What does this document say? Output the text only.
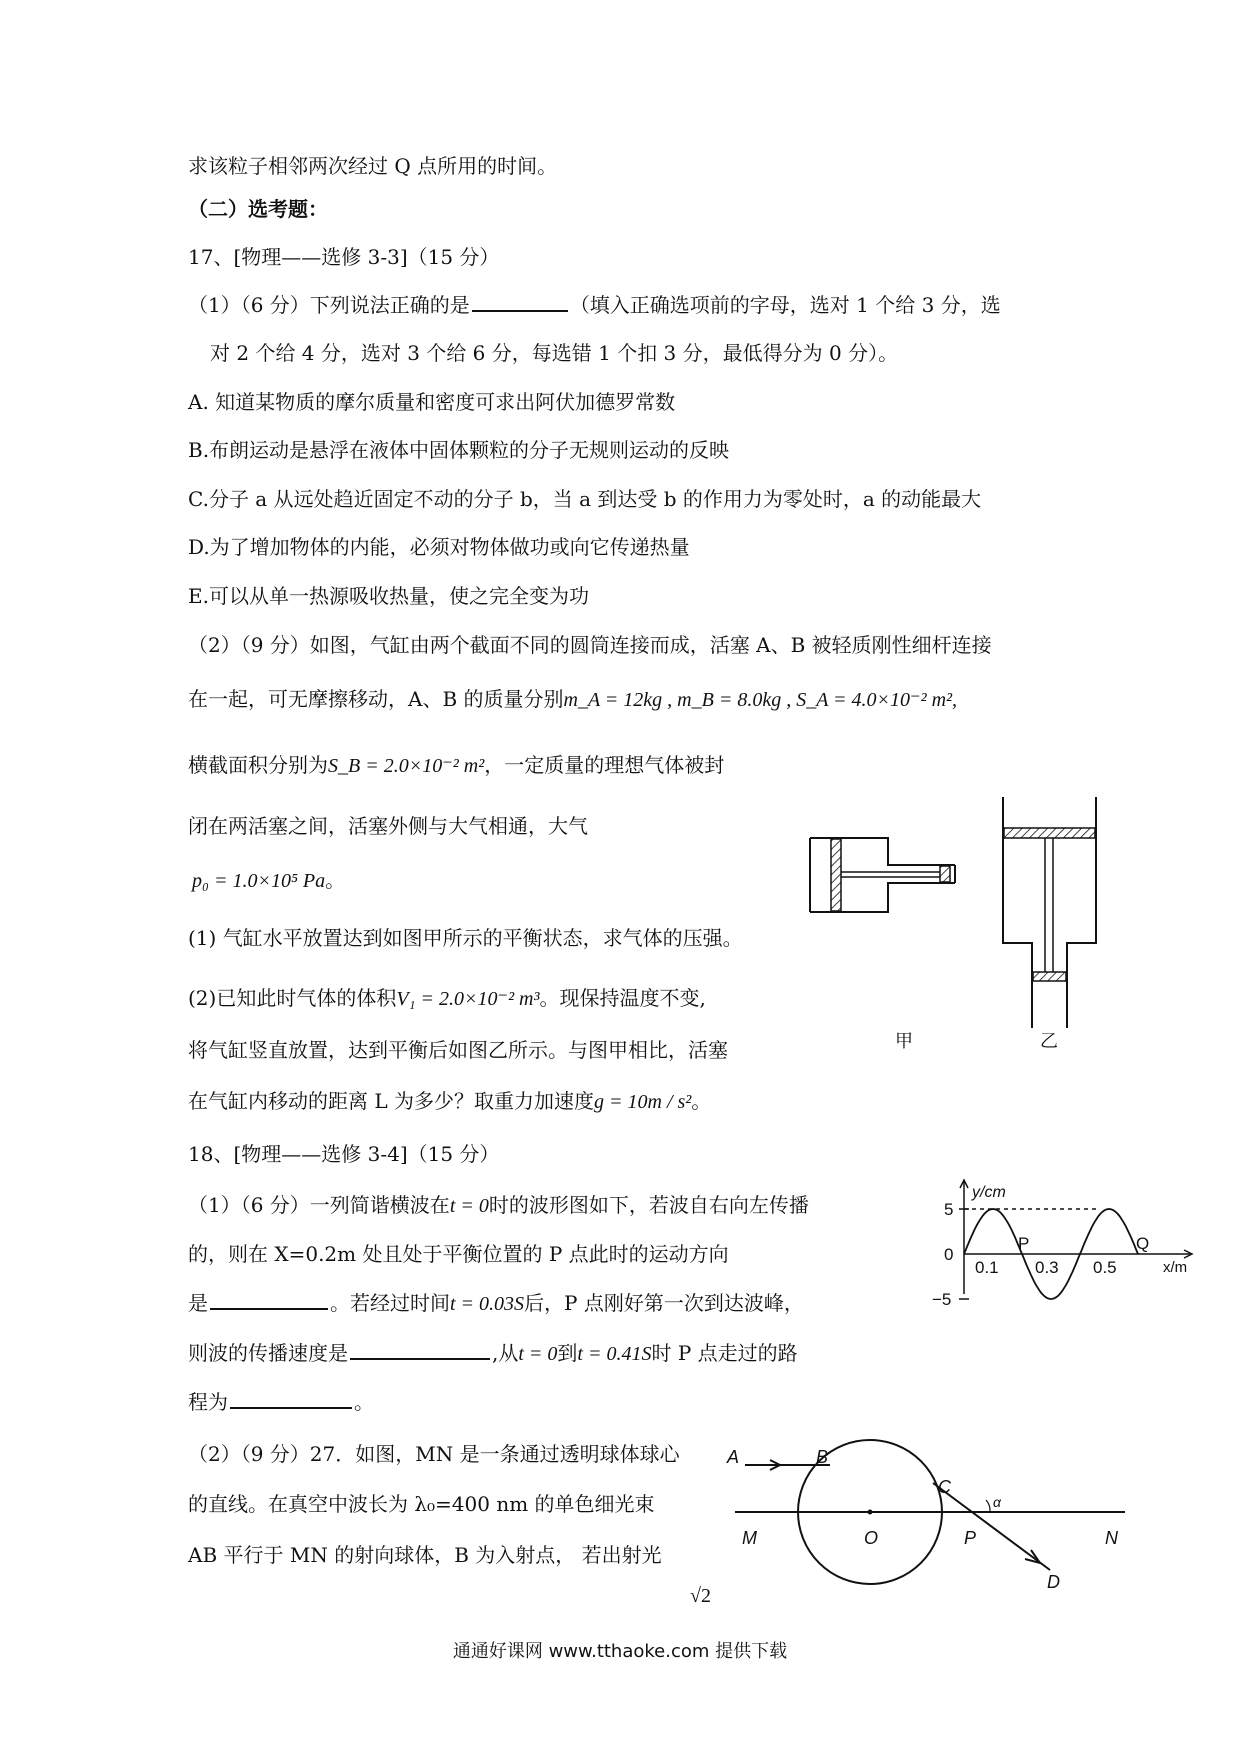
求该粒子相邻两次经过 Q 点所用的时间。
（二）选考题：
17、[物理——选修 3-3]（15 分）
（1）（6 分）下列说法正确的是	（填入正确选项前的字母，选对 1 个给 3 分，选
对 2 个给 4 分，选对 3 个给 6 分，每选错 1 个扣 3 分，最低得分为 0 分）。
A. 知道某物质的摩尔质量和密度可求出阿伏加德罗常数
B.布朗运动是悬浮在液体中固体颗粒的分子无规则运动的反映
C.分子 a 从远处趋近固定不动的分子 b，当 a 到达受 b 的作用力为零处时，a 的动能最大
D.为了增加物体的内能，必须对物体做功或向它传递热量
E.可以从单一热源吸收热量，使之完全变为功
（2）（9 分）如图，气缸由两个截面不同的圆筒连接而成，活塞 A、B 被轻质刚性细杆连接
在一起，可无摩擦移动，A、B 的质量分别m_A = 12kg , m_B = 8.0kg , S_A = 4.0×10⁻² m²,
横截面积分别为S_B = 2.0×10⁻² m²，一定质量的理想气体被封
闭在两活塞之间，活塞外侧与大气相通，大气
p₀ = 1.0×10⁵ Pa。
(1) 气缸水平放置达到如图甲所示的平衡状态，求气体的压强。
(2)已知此时气体的体积V₁ = 2.0×10⁻² m³。现保持温度不变,
将气缸竖直放置，达到平衡后如图乙所示。与图甲相比，活塞
在气缸内移动的距离 L 为多少？取重力加速度g = 10m / s²。
18、[物理——选修 3-4]（15 分）
（1）（6 分）一列简谐横波在t = 0时的波形图如下，若波自右向左传播
的，则在 X=0.2m 处且处于平衡位置的 P 点此时的运动方向
是	。若经过时间t = 0.03S后，P 点刚好第一次到达波峰，
则波的传播速度是	,从t = 0到t = 0.41S时 P 点走过的路
程为	。
（2）（9 分）27．如图，MN 是一条通过透明球体球心
的直线。在真空中波长为 λ₀=400 nm 的单色细光束
AB 平行于 MN 的射向球体，B 为入射点， 若出射光
√2
通通好课网 www.tthaoke.com 提供下载
甲	乙
y/cm
x/m
5
0
−5
0.1 0.3 0.5
P	Q
A	B
C
D
M	N
O	P
α
